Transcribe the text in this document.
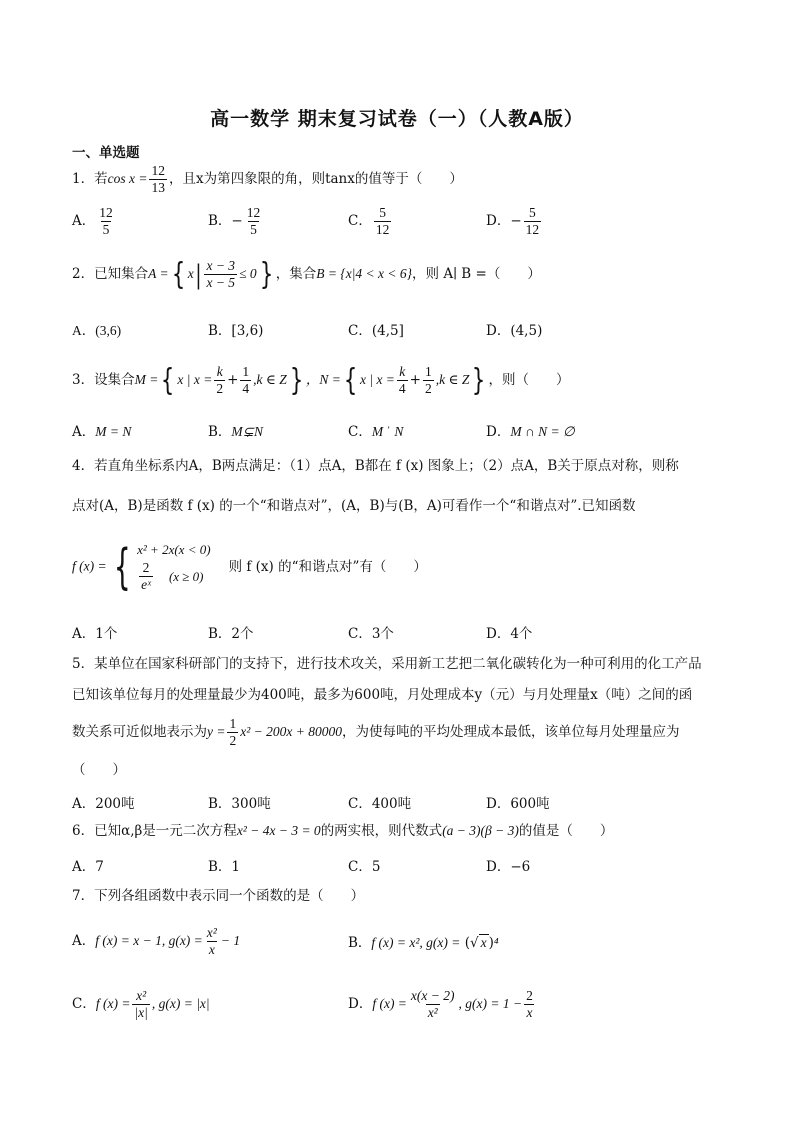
高一数学 期末复习试卷（一）（人教A版）
一、单选题
1．若$\cos x = \frac{12}{13}$ ，且x为第四象限的角，则tanx的值等于（　　）
A． $\frac{12}{5}$	B．− $\frac{12}{5}$	C． $\frac{5}{12}$	D．− $\frac{5}{12}$
2．已知集合A ={ $x| \frac{x - 3}{x - 5} \le 0$} ，集合B = {x|4 < x < 6}，则 A∣ B =（　　）
A．(3,6)	B．[3,6)	C．(4,5]	D．(4,5)
3．设集合M ={ x | $x = \frac{k}{2} + \frac{1}{4} ,k$ ∈ Z} ，N ={ x | $x = \frac{k}{4} + \frac{1}{2} ,k$ ∈ Z} ，则（　　）
A．M = N	B．M⊊N	C．M ˈ N	D．M ∩ N = ∅
4．若直角坐标系内A，B两点满足：（1）点A，B都在 f (x) 图象上；（2）点A，B关于原点对称，则称
点对(A，B)是函数 f (x) 的一个“和谐点对”，(A，B)与(B，A)可看作一个“和谐点对”.已知函数
f (x) = { x² + 2x(x < 0)
$\frac{2}{\text{eˣ}} (x \ge 0)$
则 f (x) 的“和谐点对”有（　　）
A．1个	B．2个	C．3个	D．4个
5．某单位在国家科研部门的支持下，进行技术攻关，采用新工艺把二氧化碳转化为一种可利用的化工产品
已知该单位每月的处理量最少为400吨，最多为600吨，月处理成本y（元）与月处理量x（吨）之间的函
数关系可近似地表示为$y = \frac{1}{2} x^2 - 200x + 80000$，为使每吨的平均处理成本最低，该单位每月处理量应为
（　　）
A．200吨	B．300吨	C．400吨	D．600吨
6．已知α,β是一元二次方程x² − 4x − 3 = 0的两实根，则代数式(a − 3)(β − 3)的值是（　　）
A．7	B．1	C．5	D．−6
7．下列各组函数中表示同一个函数的是（　　）
A．f (x) = x − 1, $g(x) = \frac{\text{x²}}{x} - 1$	B．f (x) = x², g(x) = (√ x )⁴
C．f $(x) = \frac{\text{x²}}{|x|}$ , g(x) = |x|	D．f $(x) = \frac{x(x - 2)}{\text{x²}}$ , $g(x) = 1 - \frac{2}{x}$
